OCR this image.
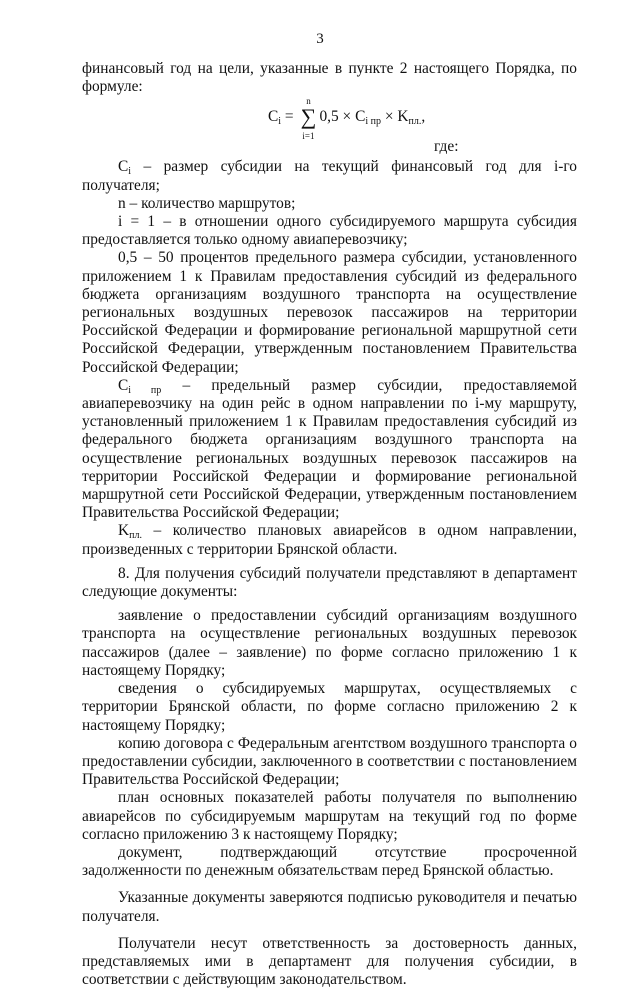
3

финансовый год на цели, указанные в пункте 2 настоящего Порядка, по формуле:

$C_i$ =
n
∑
i=1
$0,5 \times C_{i пр} \times K_{пл.}$,
где:

$C_i$ – размер субсидии на текущий финансовый год для i-го получателя;

n – количество маршрутов;

i = 1 – в отношении одного субсидируемого маршрута субсидия предоставляется только одному авиаперевозчику;

0,5 – 50 процентов предельного размера субсидии, установленного приложением 1 к Правилам предоставления субсидий из федерального бюджета организациям воздушного транспорта на осуществление региональных воздушных перевозок пассажиров на территории Российской Федерации и формирование региональной маршрутной сети Российской Федерации, утвержденным постановлением Правительства Российской Федерации;

$C_{i пр}$ – предельный размер субсидии, предоставляемой авиаперевозчику на один рейс в одном направлении по i-му маршруту, установленный приложением 1 к Правилам предоставления субсидий из федерального бюджета организациям воздушного транспорта на осуществление региональных воздушных перевозок пассажиров на территории Российской Федерации и формирование региональной маршрутной сети Российской Федерации, утвержденным постановлением Правительства Российской Федерации;

$K_{пл.}$ – количество плановых авиарейсов в одном направлении, произведенных с территории Брянской области.

8. Для получения субсидий получатели представляют в департамент следующие документы:

заявление о предоставлении субсидий организациям воздушного транспорта на осуществление региональных воздушных перевозок пассажиров (далее – заявление) по форме согласно приложению 1 к настоящему Порядку;

сведения о субсидируемых маршрутах, осуществляемых с территории Брянской области, по форме согласно приложению 2 к настоящему Порядку;

копию договора с Федеральным агентством воздушного транспорта о предоставлении субсидии, заключенного в соответствии с постановлением Правительства Российской Федерации;

план основных показателей работы получателя по выполнению авиарейсов по субсидируемым маршрутам на текущий год по форме согласно приложению 3 к настоящему Порядку;

документ, подтверждающий отсутствие просроченной задолженности по денежным обязательствам перед Брянской областью.

Указанные документы заверяются подписью руководителя и печатью получателя.

Получатели несут ответственность за достоверность данных, представляемых ими в департамент для получения субсидии, в соответствии с действующим законодательством.
